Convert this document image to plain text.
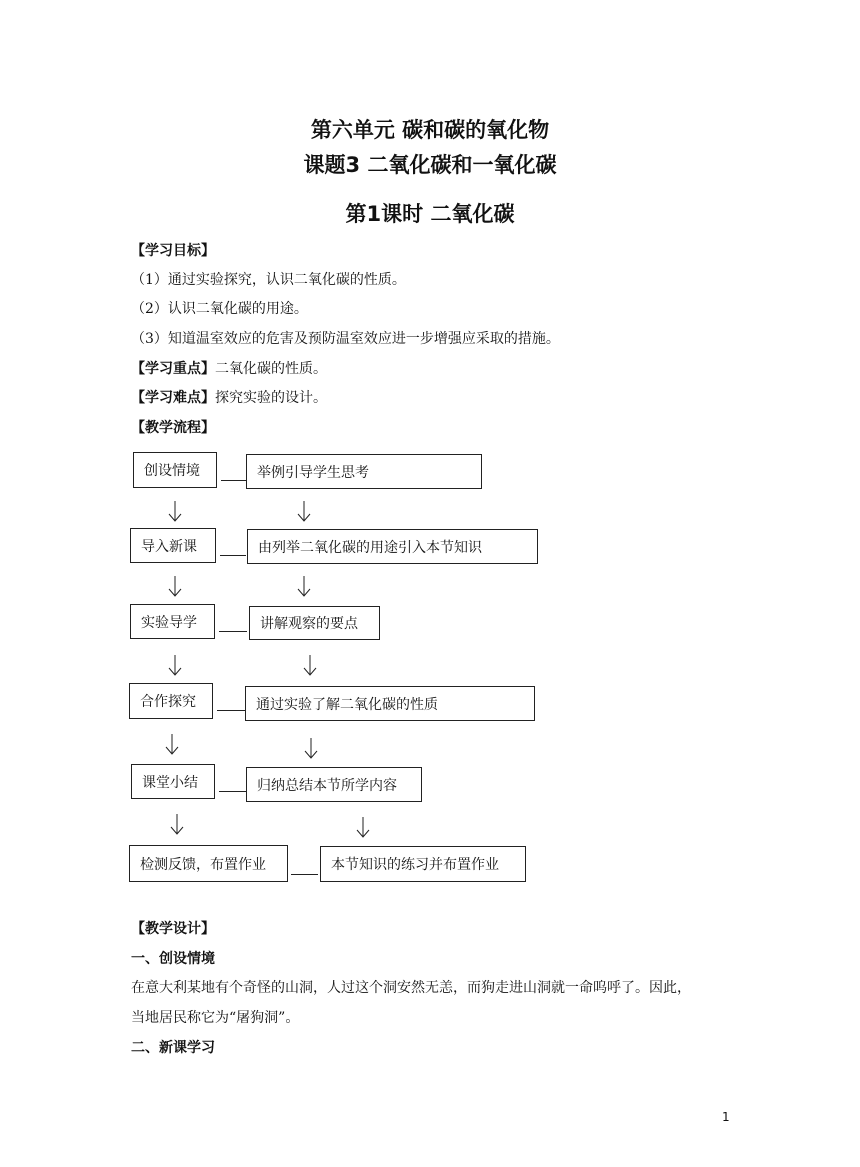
第六单元 碳和碳的氧化物
课题3 二氧化碳和一氧化碳
第1课时 二氧化碳
【学习目标】
（1）通过实验探究，认识二氧化碳的性质。
（2）认识二氧化碳的用途。
（3）知道温室效应的危害及预防温室效应进一步增强应采取的措施。
【学习重点】二氧化碳的性质。
【学习难点】探究实验的设计。
【教学流程】
创设情境	举例引导学生思考
导入新课	由列举二氧化碳的用途引入本节知识
实验导学	讲解观察的要点
合作探究	通过实验了解二氧化碳的性质
课堂小结	归纳总结本节所学内容
检测反馈，布置作业	本节知识的练习并布置作业
【教学设计】
一、创设情境
在意大利某地有个奇怪的山洞，人过这个洞安然无恙，而狗走进山洞就一命呜呼了。因此，
当地居民称它为“屠狗洞”。
二、新课学习
1
